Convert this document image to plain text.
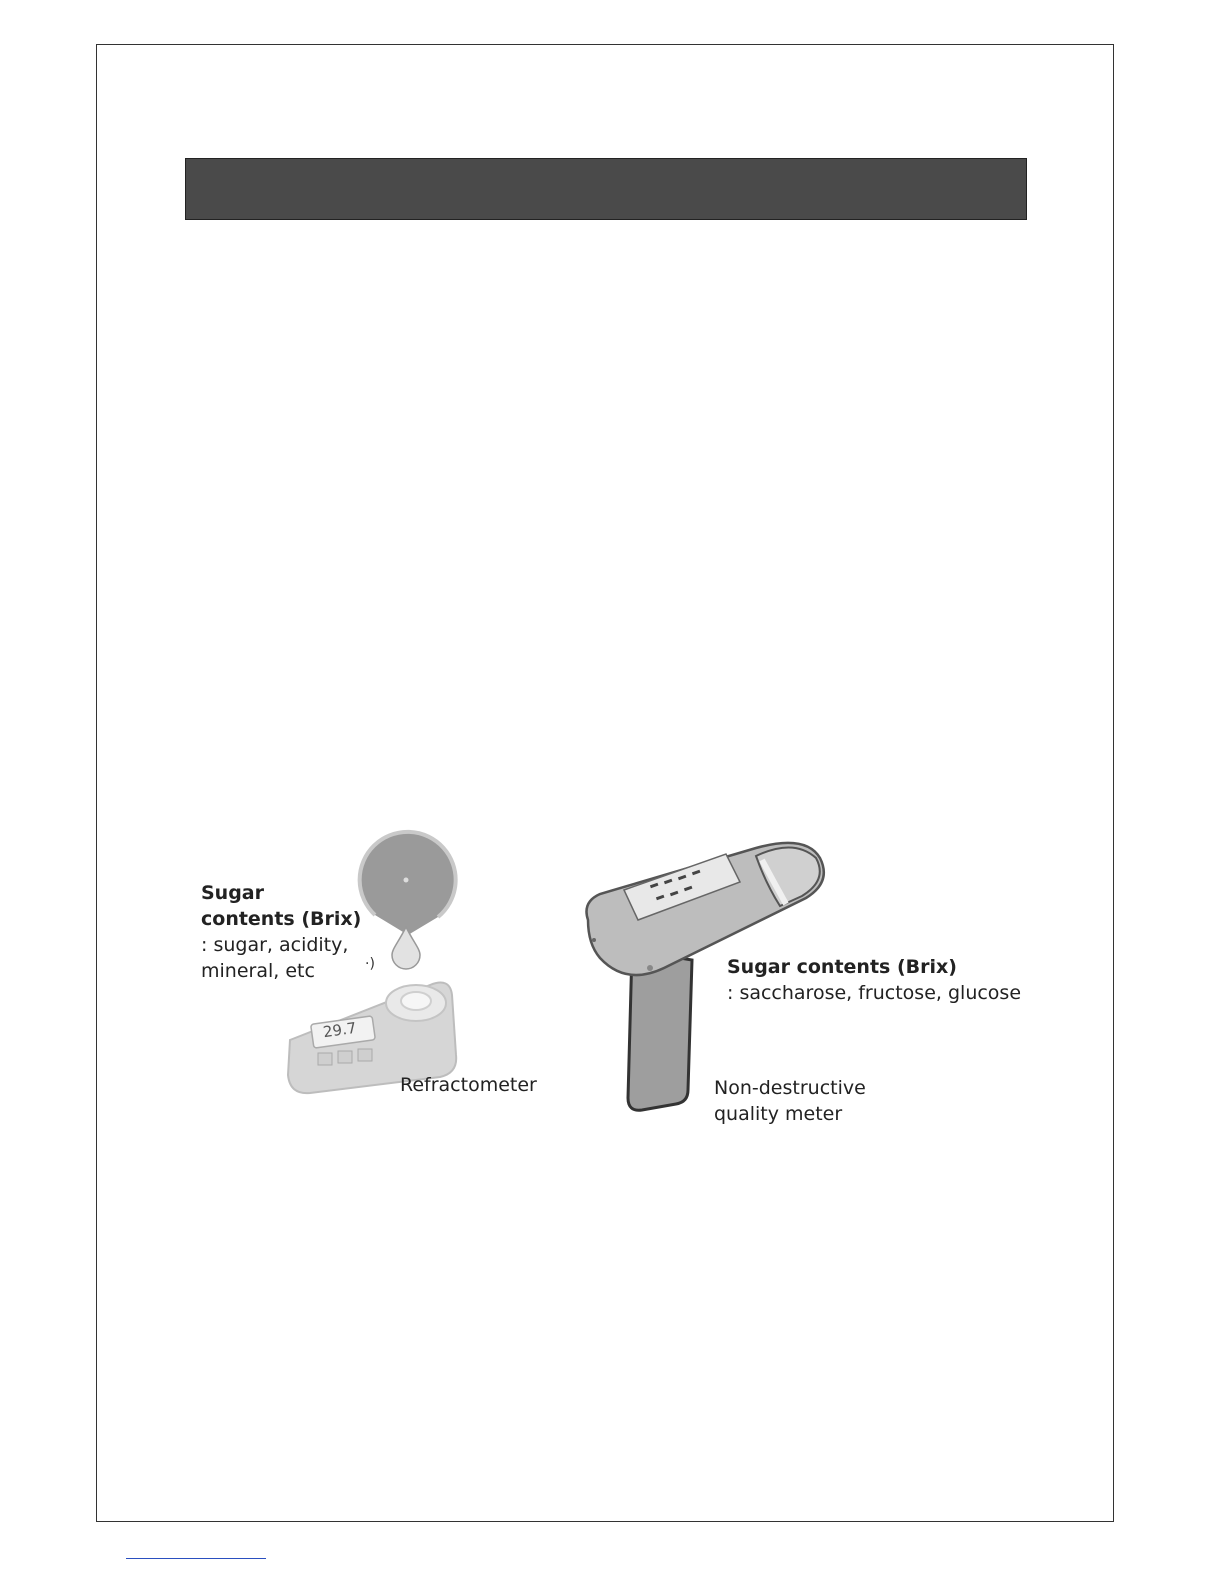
·)
29.7
Sugar
contents (Brix)
: sugar, acidity,
mineral, etc
Refractometer
Sugar contents (Brix)
: saccharose, fructose, glucose
Non-destructive
quality meter
